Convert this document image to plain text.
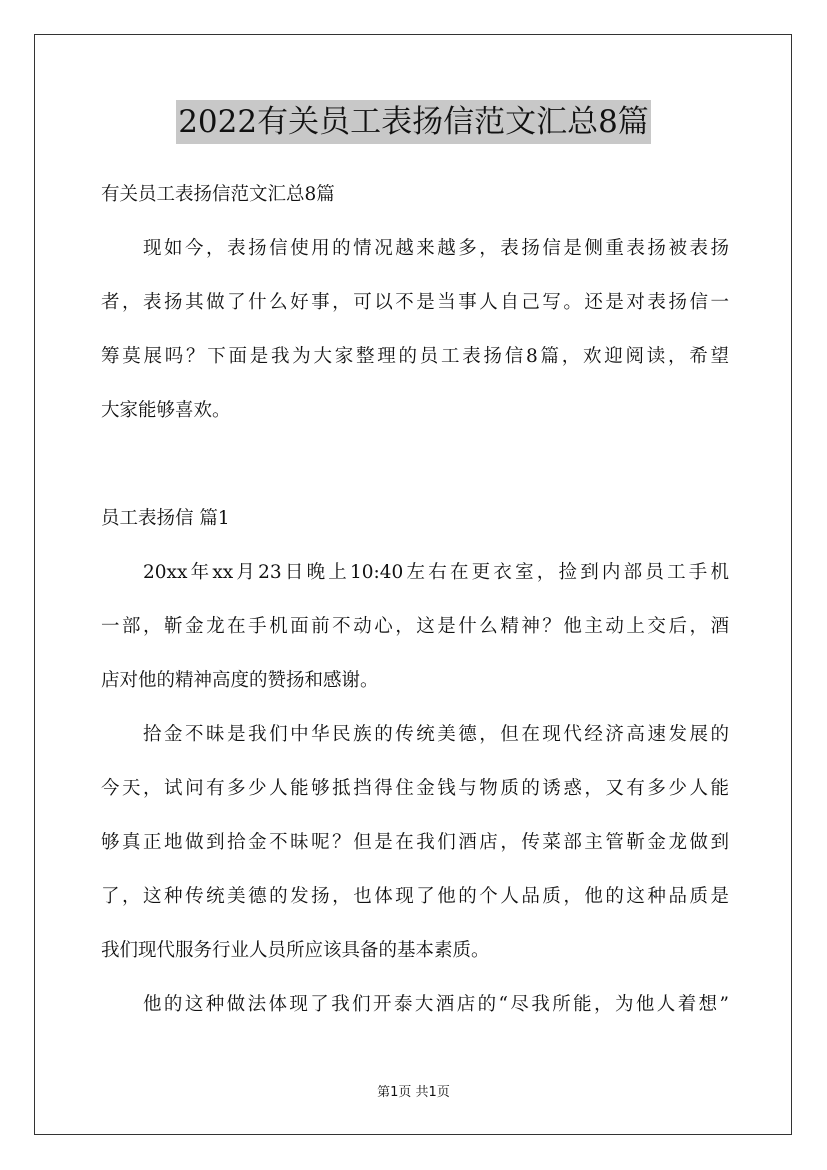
2022有关员工表扬信范文汇总8篇
有关员工表扬信范文汇总8篇
现如今，表扬信使用的情况越来越多，表扬信是侧重表扬被表扬
者，表扬其做了什么好事，可以不是当事人自己写。还是对表扬信一
筹莫展吗？下面是我为大家整理的员工表扬信8篇，欢迎阅读，希望
大家能够喜欢。
员工表扬信 篇1
20xx年xx月23日晚上10:40左右在更衣室，捡到内部员工手机
一部，靳金龙在手机面前不动心，这是什么精神？他主动上交后，酒
店对他的精神高度的赞扬和感谢。
拾金不昧是我们中华民族的传统美德，但在现代经济高速发展的
今天，试问有多少人能够抵挡得住金钱与物质的诱惑，又有多少人能
够真正地做到拾金不昧呢？但是在我们酒店，传菜部主管靳金龙做到
了，这种传统美德的发扬，也体现了他的个人品质，他的这种品质是
我们现代服务行业人员所应该具备的基本素质。
他的这种做法体现了我们开泰大酒店的“尽我所能，为他人着想”
第1页 共1页
